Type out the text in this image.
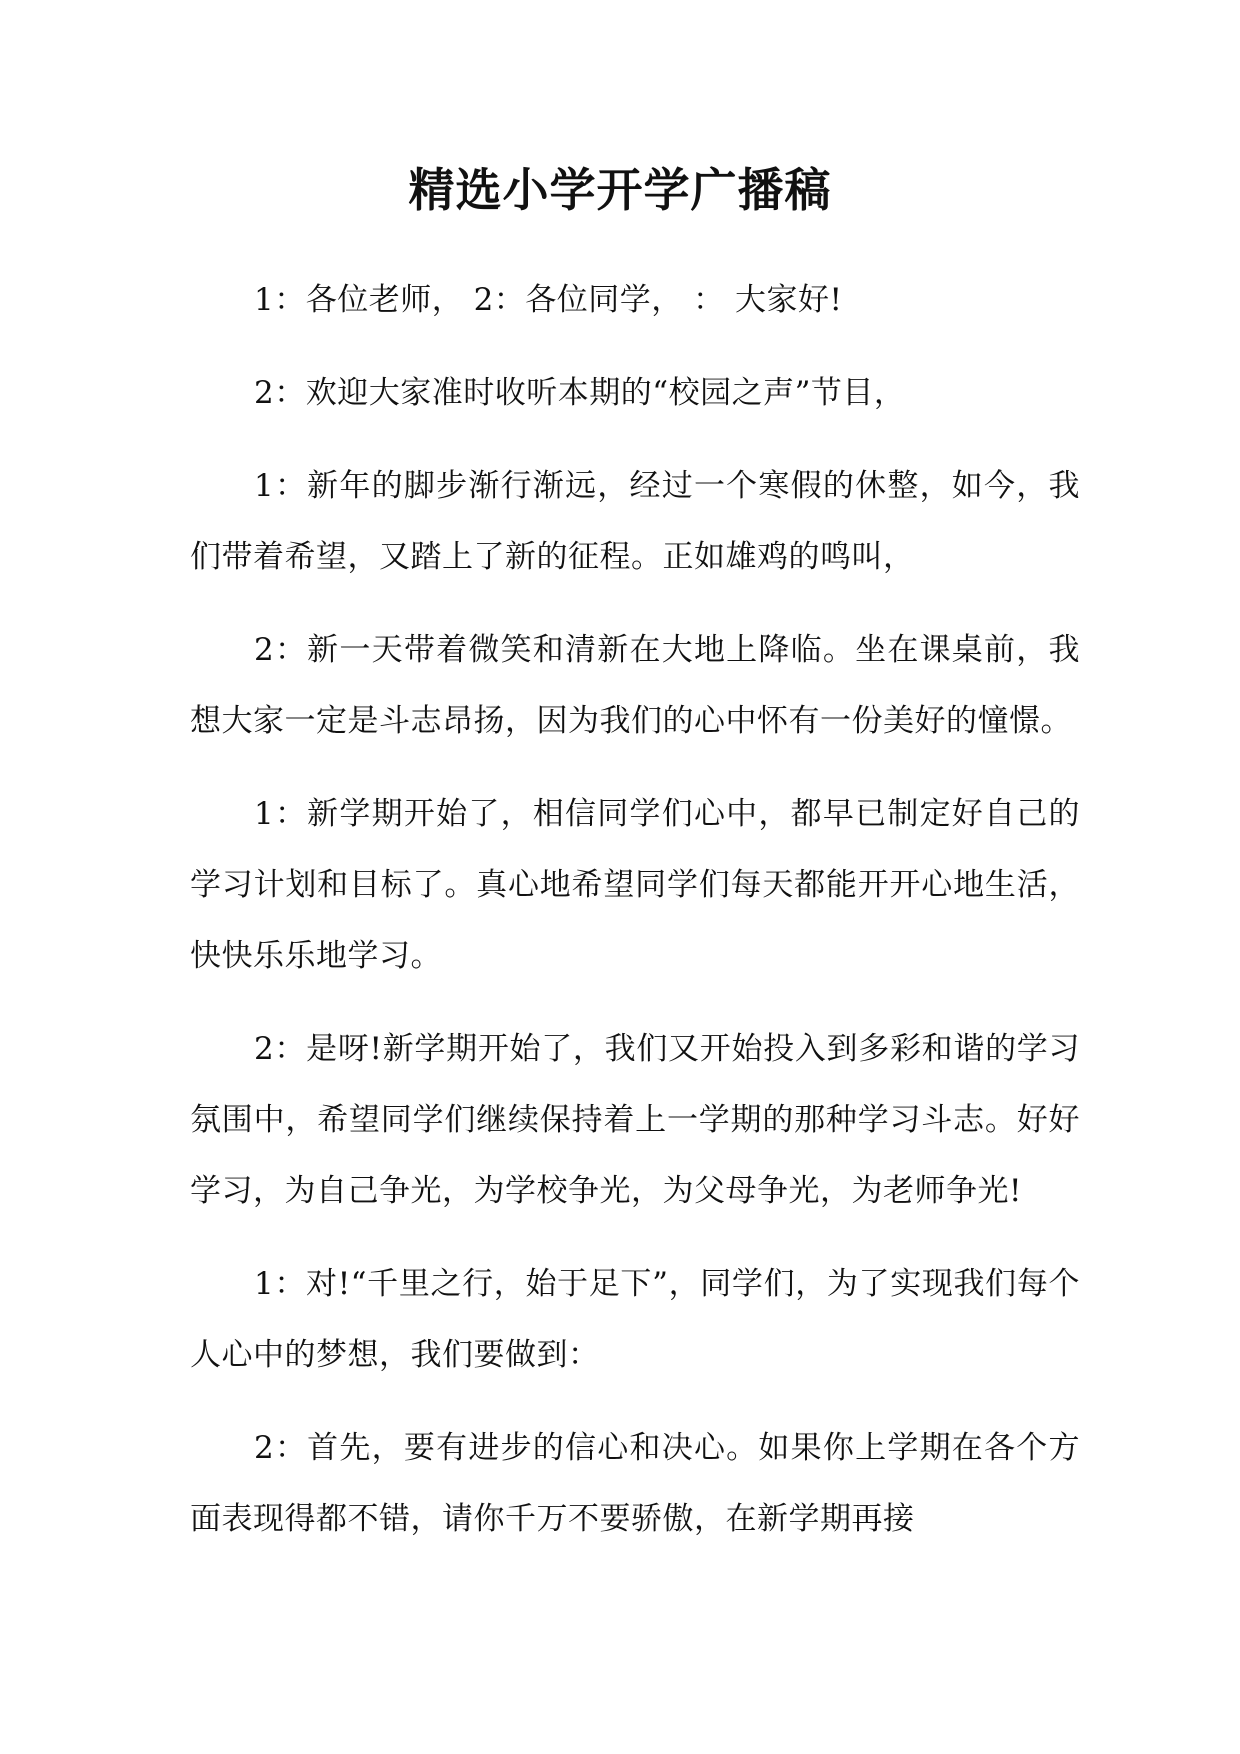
精选小学开学广播稿

1：各位老师， 2：各位同学， ： 大家好!

2：欢迎大家准时收听本期的“校园之声”节目，

1：新年的脚步渐行渐远，经过一个寒假的休整，如今，我们带着希望，又踏上了新的征程。正如雄鸡的鸣叫，

2：新一天带着微笑和清新在大地上降临。坐在课桌前，我想大家一定是斗志昂扬，因为我们的心中怀有一份美好的憧憬。

1：新学期开始了，相信同学们心中，都早已制定好自己的学习计划和目标了。真心地希望同学们每天都能开开心地生活，快快乐乐地学习。

2：是呀!新学期开始了，我们又开始投入到多彩和谐的学习氛围中，希望同学们继续保持着上一学期的那种学习斗志。好好学习，为自己争光，为学校争光，为父母争光，为老师争光!

1：对!“千里之行，始于足下”，同学们，为了实现我们每个人心中的梦想，我们要做到：

2：首先，要有进步的信心和决心。如果你上学期在各个方面表现得都不错，请你千万不要骄傲，在新学期再接
